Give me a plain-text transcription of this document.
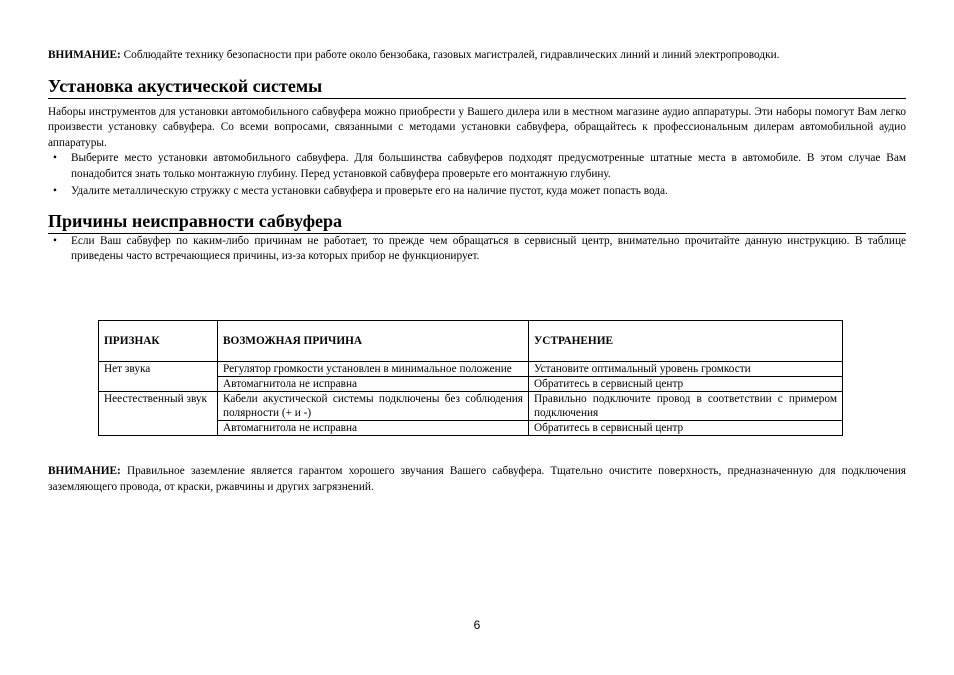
ВНИМАНИЕ: Соблюдайте технику безопасности при работе около бензобака, газовых магистралей, гидравлических линий и линий электропроводки.

Установка акустической системы

Наборы инструментов для установки автомобильного сабвуфера можно приобрести у Вашего дилера или в местном магазине аудио аппаратуры. Эти наборы помогут Вам легко произвести установку сабвуфера. Со всеми вопросами, связанными с методами установки сабвуфера, обращайтесь к профессиональным дилерам автомобильной аудио аппаратуры.

• Выберите место установки автомобильного сабвуфера. Для большинства сабвуферов подходят предусмотренные штатные места в автомобиле. В этом случае Вам понадобится знать только монтажную глубину. Перед установкой сабвуфера проверьте его монтажную глубину.
• Удалите металлическую стружку с места установки сабвуфера и проверьте его на наличие пустот, куда может попасть вода.
Причины неисправности сабвуфера
• Если Ваш сабвуфер по каким-либо причинам не работает, то прежде чем обращаться в сервисный центр, внимательно прочитайте данную инструкцию. В таблице приведены часто встречающиеся причины, из-за которых прибор не функционирует.
ПРИЗНАК	ВОЗМОЖНАЯ ПРИЧИНА	УСТРАНЕНИЕ
Нет звука	Регулятор громкости установлен в минимальное положение	Установите оптимальный уровень громкости
	Автомагнитола не исправна	Обратитесь в сервисный центр
Неестественный звук	Кабели акустической системы подключены без соблюдения полярности (+ и -)	Правильно подключите провод в соответствии с примером подключения
	Автомагнитола не исправна	Обратитесь в сервисный центр

ВНИМАНИЕ: Правильное заземление является гарантом хорошего звучания Вашего сабвуфера. Тщательно очистите поверхность, предназначенную для подключения заземляющего провода, от краски, ржавчины и других загрязнений.

6
